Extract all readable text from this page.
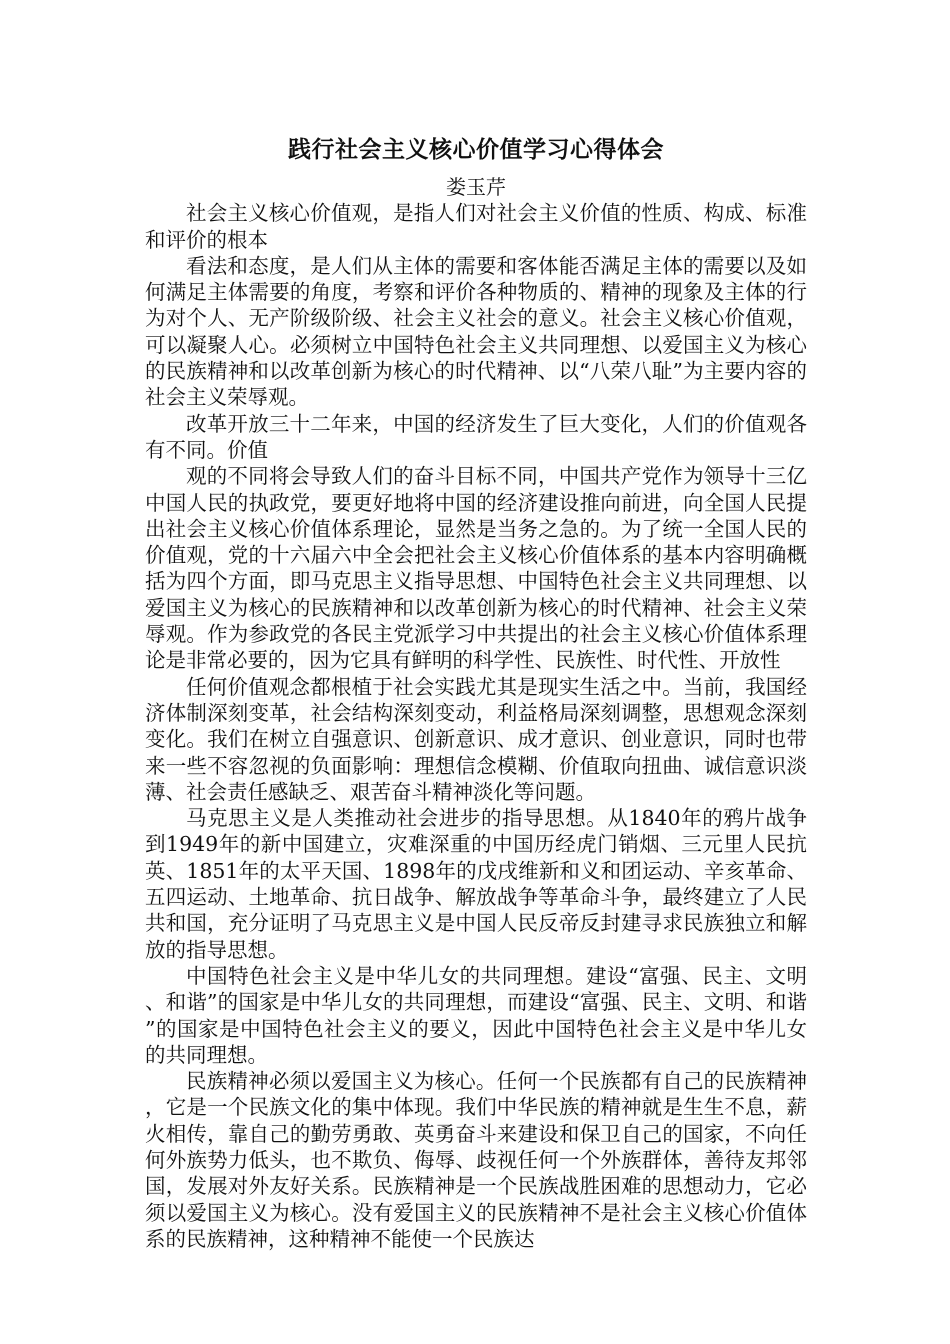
践行社会主义核心价值学习心得体会

娄玉芹

社会主义核心价值观，是指人们对社会主义价值的性质、构成、标准和评价的根本

看法和态度，是人们从主体的需要和客体能否满足主体的需要以及如何满足主体需要的角度，考察和评价各种物质的、精神的现象及主体的行为对个人、无产阶级阶级、社会主义社会的意义。社会主义核心价值观，可以凝聚人心。必须树立中国特色社会主义共同理想、以爱国主义为核心的民族精神和以改革创新为核心的时代精神、以“八荣八耻”为主要内容的社会主义荣辱观。

改革开放三十二年来，中国的经济发生了巨大变化，人们的价值观各有不同。价值

观的不同将会导致人们的奋斗目标不同，中国共产党作为领导十三亿中国人民的执政党，要更好地将中国的经济建设推向前进，向全国人民提出社会主义核心价值体系理论，显然是当务之急的。为了统一全国人民的价值观，党的十六届六中全会把社会主义核心价值体系的基本内容明确概括为四个方面，即马克思主义指导思想、中国特色社会主义共同理想、以爱国主义为核心的民族精神和以改革创新为核心的时代精神、社会主义荣辱观。作为参政党的各民主党派学习中共提出的社会主义核心价值体系理论是非常必要的，因为它具有鲜明的科学性、民族性、时代性、开放性

任何价值观念都根植于社会实践尤其是现实生活之中。当前，我国经济体制深刻变革，社会结构深刻变动，利益格局深刻调整，思想观念深刻变化。我们在树立自强意识、创新意识、成才意识、创业意识，同时也带来一些不容忽视的负面影响：理想信念模糊、价值取向扭曲、诚信意识淡薄、社会责任感缺乏、艰苦奋斗精神淡化等问题。

马克思主义是人类推动社会进步的指导思想。从1840年的鸦片战争到1949年的新中国建立，灾难深重的中国历经虎门销烟、三元里人民抗英、1851年的太平天国、1898年的戊戌维新和义和团运动、辛亥革命、五四运动、土地革命、抗日战争、解放战争等革命斗争，最终建立了人民共和国，充分证明了马克思主义是中国人民反帝反封建寻求民族独立和解放的指导思想。

中国特色社会主义是中华儿女的共同理想。建设“富强、民主、文明、和谐”的国家是中华儿女的共同理想，而建设“富强、民主、文明、和谐”的国家是中国特色社会主义的要义，因此中国特色社会主义是中华儿女的共同理想。

民族精神必须以爱国主义为核心。任何一个民族都有自己的民族精神，它是一个民族文化的集中体现。我们中华民族的精神就是生生不息，薪火相传，靠自己的勤劳勇敢、英勇奋斗来建设和保卫自己的国家，不向任何外族势力低头，也不欺负、侮辱、歧视任何一个外族群体，善待友邦邻国，发展对外友好关系。民族精神是一个民族战胜困难的思想动力，它必须以爱国主义为核心。没有爱国主义的民族精神不是社会主义核心价值体系的民族精神，这种精神不能使一个民族达
